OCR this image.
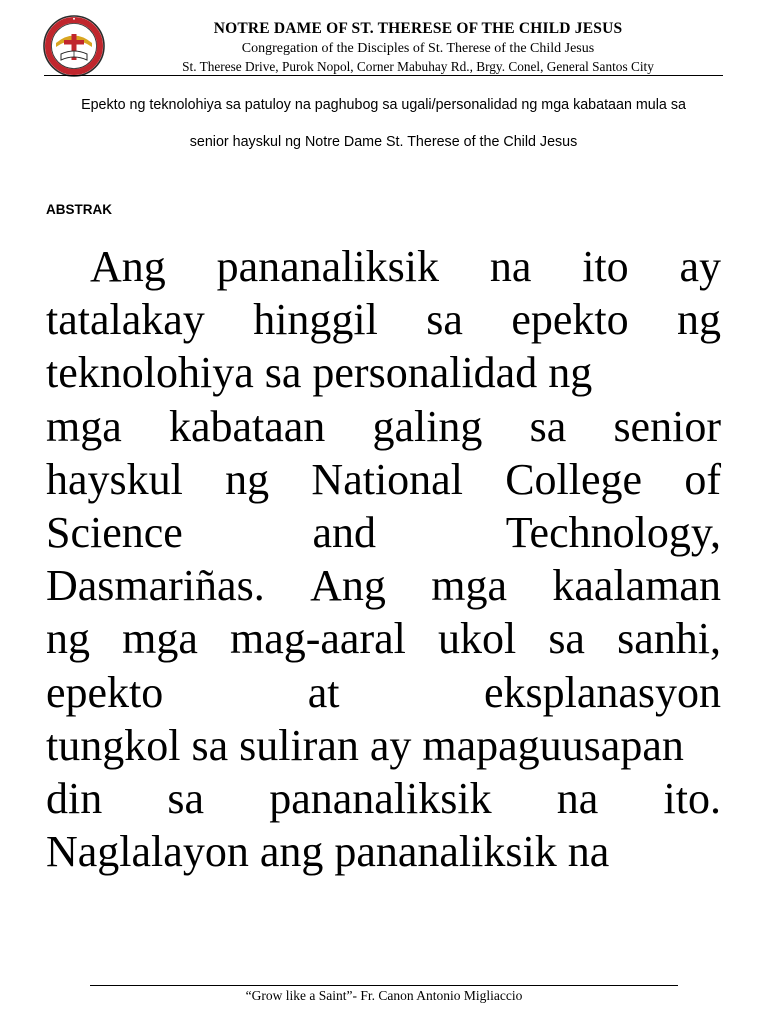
NOTRE DAME OF ST. THERESE OF THE CHILD JESUS
Congregation of the Disciples of St. Therese of the Child Jesus
St. Therese Drive, Purok Nopol, Corner Mabuhay Rd., Brgy. Conel, General Santos City
Epekto ng teknolohiya sa patuloy na paghubog sa ugali/personalidad ng mga kabataan mula sa
senior hayskul ng Notre Dame St. Therese of the Child Jesus
ABSTRAK
Ang pananaliksik na ito ay
tatalakay hinggil sa epekto ng
teknolohiya sa personalidad ng
mga kabataan galing sa senior
hayskul ng National College of
Science	and	Technology,
Dasmariñas. Ang mga kaalaman
ng mga mag-aaral ukol sa sanhi,
epekto	at	eksplanasyon
tungkol sa suliran ay mapaguusapan
din sa pananaliksik na ito.
Naglalayon ang pananaliksik na
“Grow like a Saint”- Fr. Canon Antonio Migliaccio
